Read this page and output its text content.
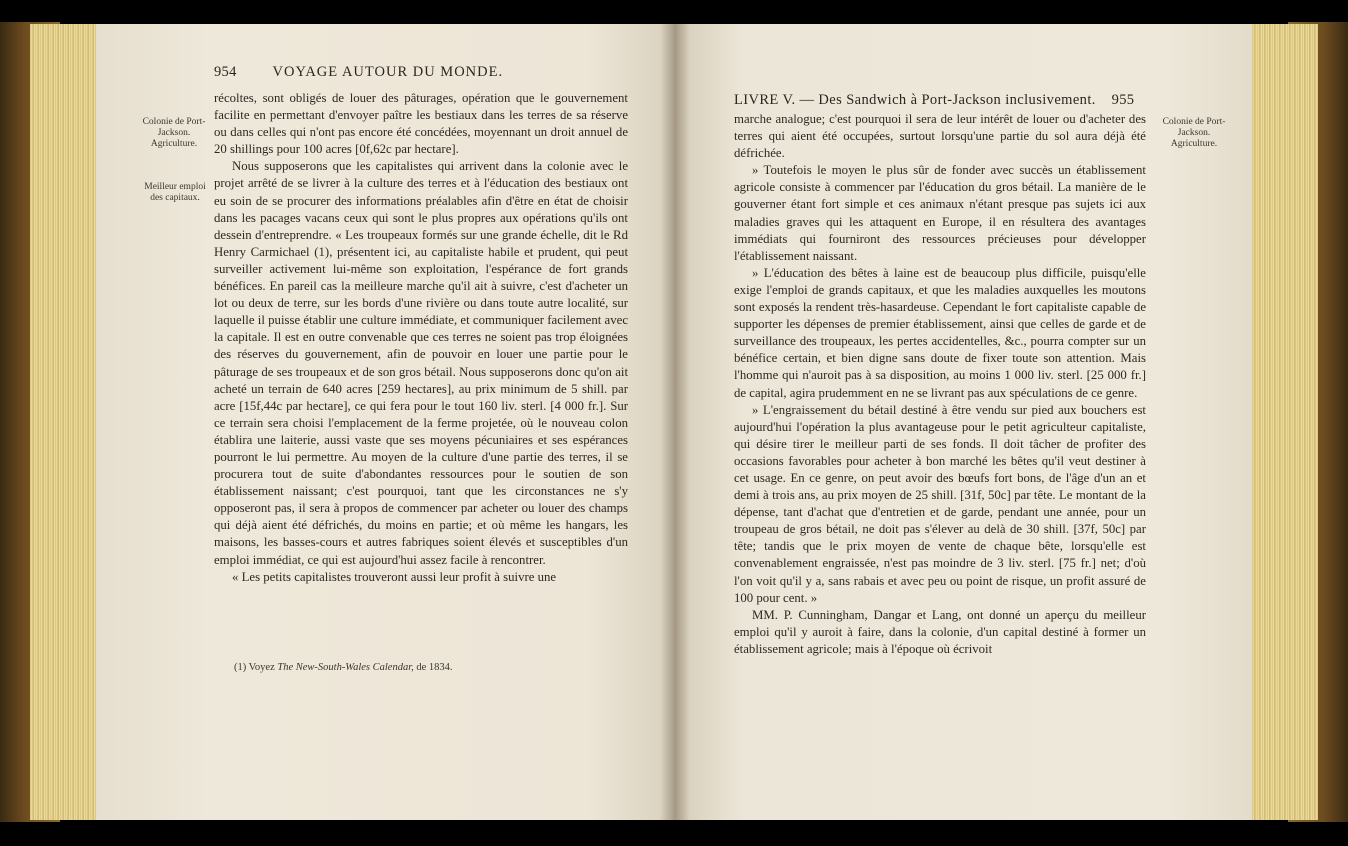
954 VOYAGE AUTOUR DU MONDE.
Colonie de Port-Jackson. Agriculture.
Meilleur emploi des capitaux.

récoltes, sont obligés de louer des pâturages, opération que le gouvernement facilite en permettant d'envoyer paître les bestiaux dans les terres de sa réserve ou dans celles qui n'ont pas encore été concédées, moyennant un droit annuel de 20 shillings pour 100 acres [0f,62c par hectare].

Nous supposerons que les capitalistes qui arrivent dans la colonie avec le projet arrêté de se livrer à la culture des terres et à l'éducation des bestiaux ont eu soin de se procurer des informations préalables afin d'être en état de choisir dans les pacages vacans ceux qui sont le plus propres aux opérations qu'ils ont dessein d'entreprendre. « Les troupeaux formés sur une grande échelle, dit le Rd Henry Carmichael (1), présentent ici, au capitaliste habile et prudent, qui peut surveiller activement lui-même son exploitation, l'espérance de fort grands bénéfices. En pareil cas la meilleure marche qu'il ait à suivre, c'est d'acheter un lot ou deux de terre, sur les bords d'une rivière ou dans toute autre localité, sur laquelle il puisse établir une culture immédiate, et communiquer facilement avec la capitale. Il est en outre convenable que ces terres ne soient pas trop éloignées des réserves du gouvernement, afin de pouvoir en louer une partie pour le pâturage de ses troupeaux et de son gros bétail. Nous supposerons donc qu'on ait acheté un terrain de 640 acres [259 hectares], au prix minimum de 5 shill. par acre [15f,44c par hectare], ce qui fera pour le tout 160 liv. sterl. [4 000 fr.]. Sur ce terrain sera choisi l'emplacement de la ferme projetée, où le nouveau colon établira une laiterie, aussi vaste que ses moyens pécuniaires et ses espérances pourront le lui permettre. Au moyen de la culture d'une partie des terres, il se procurera tout de suite d'abondantes ressources pour le soutien de son établissement naissant; c'est pourquoi, tant que les circonstances ne s'y opposeront pas, il sera à propos de commencer par acheter ou louer des champs qui déjà aient été défrichés, du moins en partie; et où même les hangars, les maisons, les basses-cours et autres fabriques soient élevés et susceptibles d'un emploi immédiat, ce qui est aujourd'hui assez facile à rencontrer.

« Les petits capitalistes trouveront aussi leur profit à suivre une

(1) Voyez The New-South-Wales Calendar, de 1834.
LIVRE V. — Des Sandwich à Port-Jackson inclusivement. 955
Colonie de Port-Jackson. Agriculture.

marche analogue; c'est pourquoi il sera de leur intérêt de louer ou d'acheter des terres qui aient été occupées, surtout lorsqu'une partie du sol aura déjà été défrichée.

» Toutefois le moyen le plus sûr de fonder avec succès un établissement agricole consiste à commencer par l'éducation du gros bétail. La manière de le gouverner étant fort simple et ces animaux n'étant presque pas sujets ici aux maladies graves qui les attaquent en Europe, il en résultera des avantages immédiats qui fourniront des ressources précieuses pour développer l'établissement naissant.

» L'éducation des bêtes à laine est de beaucoup plus difficile, puisqu'elle exige l'emploi de grands capitaux, et que les maladies auxquelles les moutons sont exposés la rendent très-hasardeuse. Cependant le fort capitaliste capable de supporter les dépenses de premier établissement, ainsi que celles de garde et de surveillance des troupeaux, les pertes accidentelles, &c., pourra compter sur un bénéfice certain, et bien digne sans doute de fixer toute son attention. Mais l'homme qui n'auroit pas à sa disposition, au moins 1 000 liv. sterl. [25 000 fr.] de capital, agira prudemment en ne se livrant pas aux spéculations de ce genre.

» L'engraissement du bétail destiné à être vendu sur pied aux bouchers est aujourd'hui l'opération la plus avantageuse pour le petit agriculteur capitaliste, qui désire tirer le meilleur parti de ses fonds. Il doit tâcher de profiter des occasions favorables pour acheter à bon marché les bêtes qu'il veut destiner à cet usage. En ce genre, on peut avoir des bœufs fort bons, de l'âge d'un an et demi à trois ans, au prix moyen de 25 shill. [31f, 50c] par tête. Le montant de la dépense, tant d'achat que d'entretien et de garde, pendant une année, pour un troupeau de gros bétail, ne doit pas s'élever au delà de 30 shill. [37f, 50c] par tête; tandis que le prix moyen de vente de chaque bête, lorsqu'elle est convenablement engraissée, n'est pas moindre de 3 liv. sterl. [75 fr.] net; d'où l'on voit qu'il y a, sans rabais et avec peu ou point de risque, un profit assuré de 100 pour cent. »

MM. P. Cunningham, Dangar et Lang, ont donné un aperçu du meilleur emploi qu'il y auroit à faire, dans la colonie, d'un capital destiné à former un établissement agricole; mais à l'époque où écrivoit
